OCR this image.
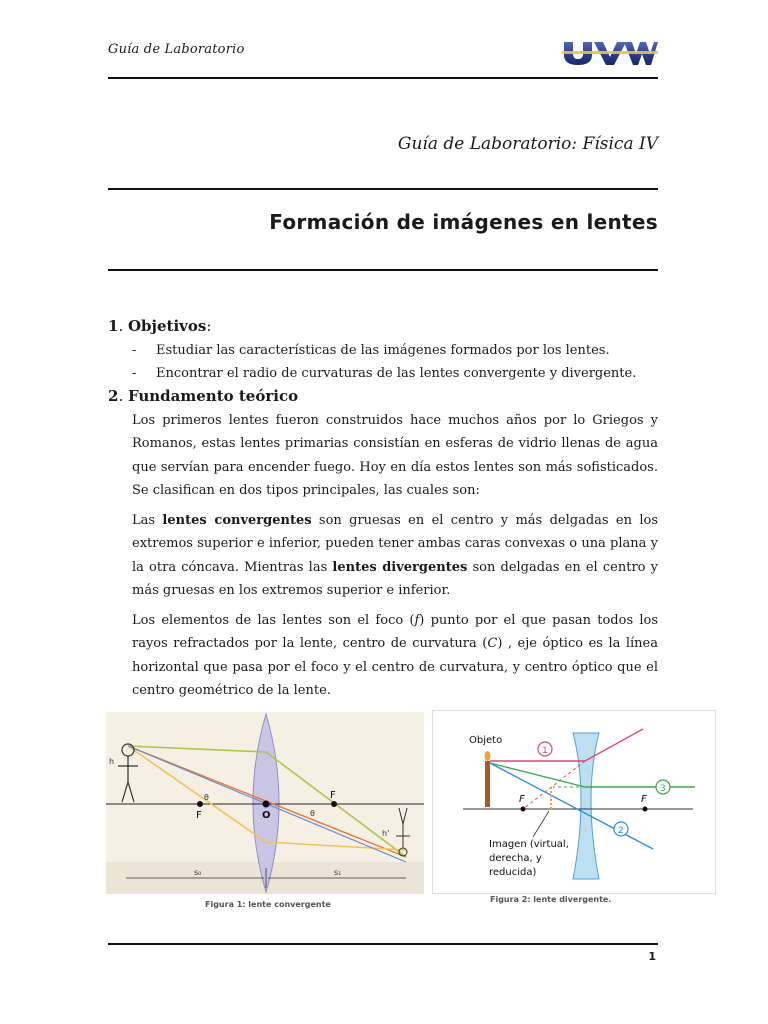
Guía de Laboratorio
UVM
Guía de Laboratorio: Física IV
Formación de imágenes en lentes
1. Objetivos:
- Estudiar las características de las imágenes formados por los lentes.
- Encontrar el radio de curvaturas de las lentes convergente y divergente.
2. Fundamento teórico

Los primeros lentes fueron construidos hace muchos años por lo Griegos y Romanos, estas lentes primarias consistían en esferas de vidrio llenas de agua que servían para encender fuego. Hoy en día estos lentes son más sofisticados. Se clasifican en dos tipos principales, las cuales son:

Las lentes convergentes son gruesas en el centro y más delgadas en los extremos superior e inferior, pueden tener ambas caras convexas o una plana y la otra cóncava. Mientras las lentes divergentes son delgadas en el centro y más gruesas en los extremos superior e inferior.

Los elementos de las lentes son el foco (f) punto por el que pasan todos los rayos refractados por la lente, centro de curvatura (C) , eje óptico es la línea horizontal que pasa por el foco y el centro de curvatura, y centro óptico que el centro geométrico de la lente.

h
θ
F	O
F
θ
h'
s₀	s₁
Figura 1: lente convergente
Objeto
1
3
2
F	F
Imagen (virtual,
derecha, y
reducida)
Figura 2: lente divergente.
1
